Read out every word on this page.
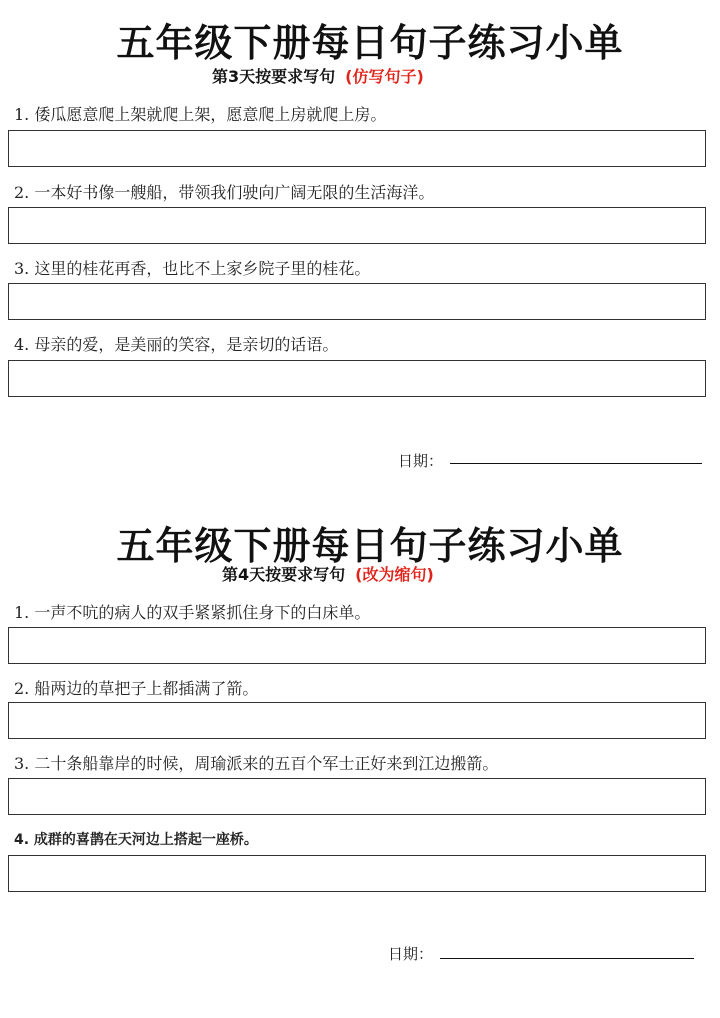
五年级下册每日句子练习小单
第3天按要求写句 (仿写句子)
1. 倭瓜愿意爬上架就爬上架，愿意爬上房就爬上房。
2. 一本好书像一艘船，带领我们驶向广阔无限的生活海洋。
3. 这里的桂花再香，也比不上家乡院子里的桂花。
4. 母亲的爱，是美丽的笑容，是亲切的话语。
日期：
五年级下册每日句子练习小单
第4天按要求写句 (改为缩句)
1. 一声不吭的病人的双手紧紧抓住身下的白床单。
2. 船两边的草把子上都插满了箭。
3. 二十条船靠岸的时候，周瑜派来的五百个军士正好来到江边搬箭。
4. 成群的喜鹊在天河边上搭起一座桥。
日期：
